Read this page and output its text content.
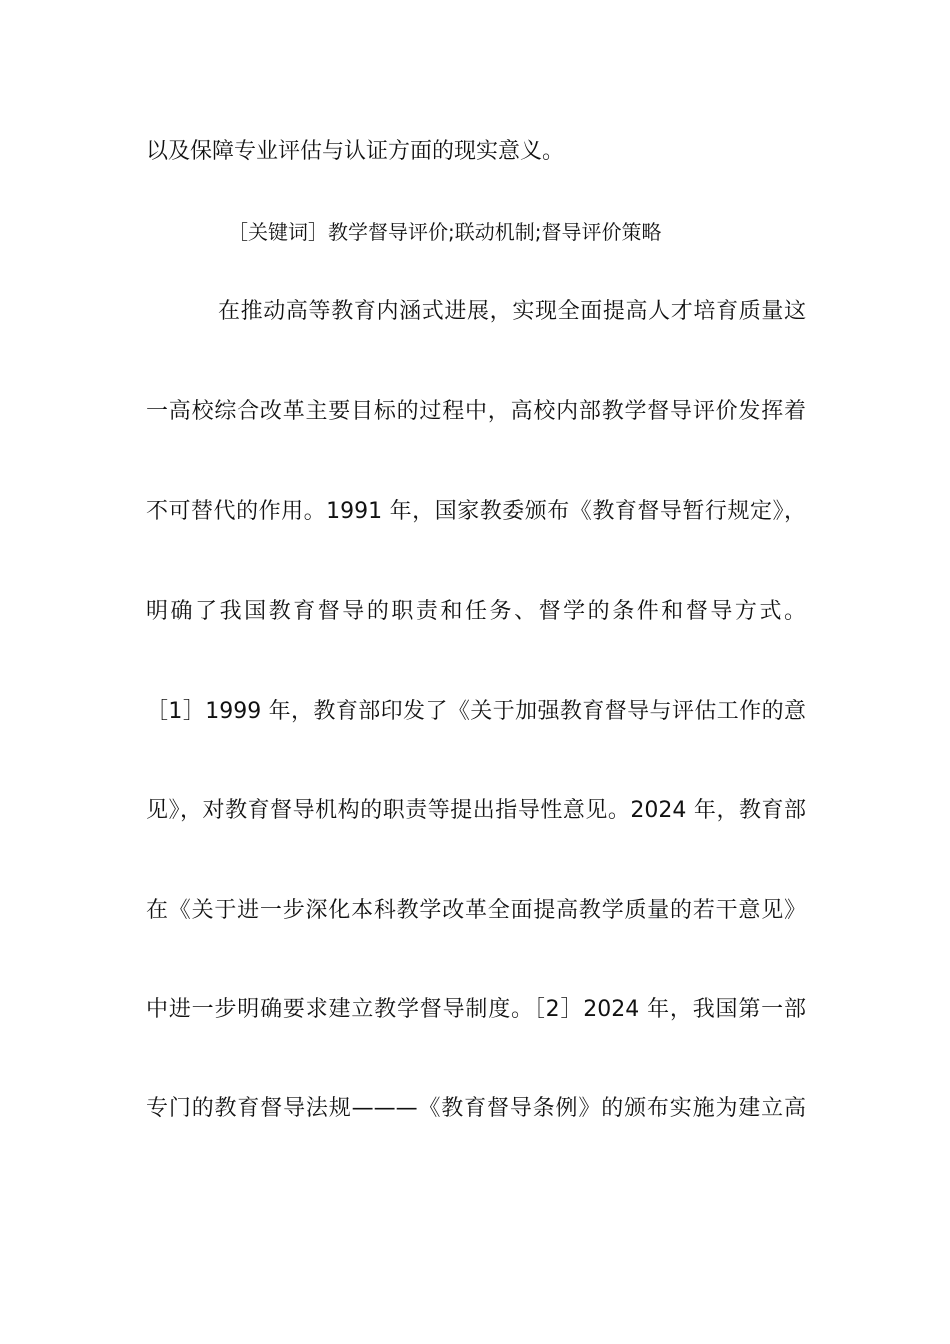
以及保障专业评估与认证方面的现实意义。
［关键词］教学督导评价;联动机制;督导评价策略
在推动高等教育内涵式进展，实现全面提高人才培育质量这
一高校综合改革主要目标的过程中，高校内部教学督导评价发挥着
不可替代的作用。1991 年，国家教委颁布《教育督导暂行规定》，
明确了我国教育督导的职责和任务、督学的条件和督导方式。
［1］1999 年，教育部印发了《关于加强教育督导与评估工作的意
见》，对教育督导机构的职责等提出指导性意见。2024 年，教育部
在《关于进一步深化本科教学改革全面提高教学质量的若干意见》
中进一步明确要求建立教学督导制度。［2］2024 年，我国第一部
专门的教育督导法规———《教育督导条例》的颁布实施为建立高
